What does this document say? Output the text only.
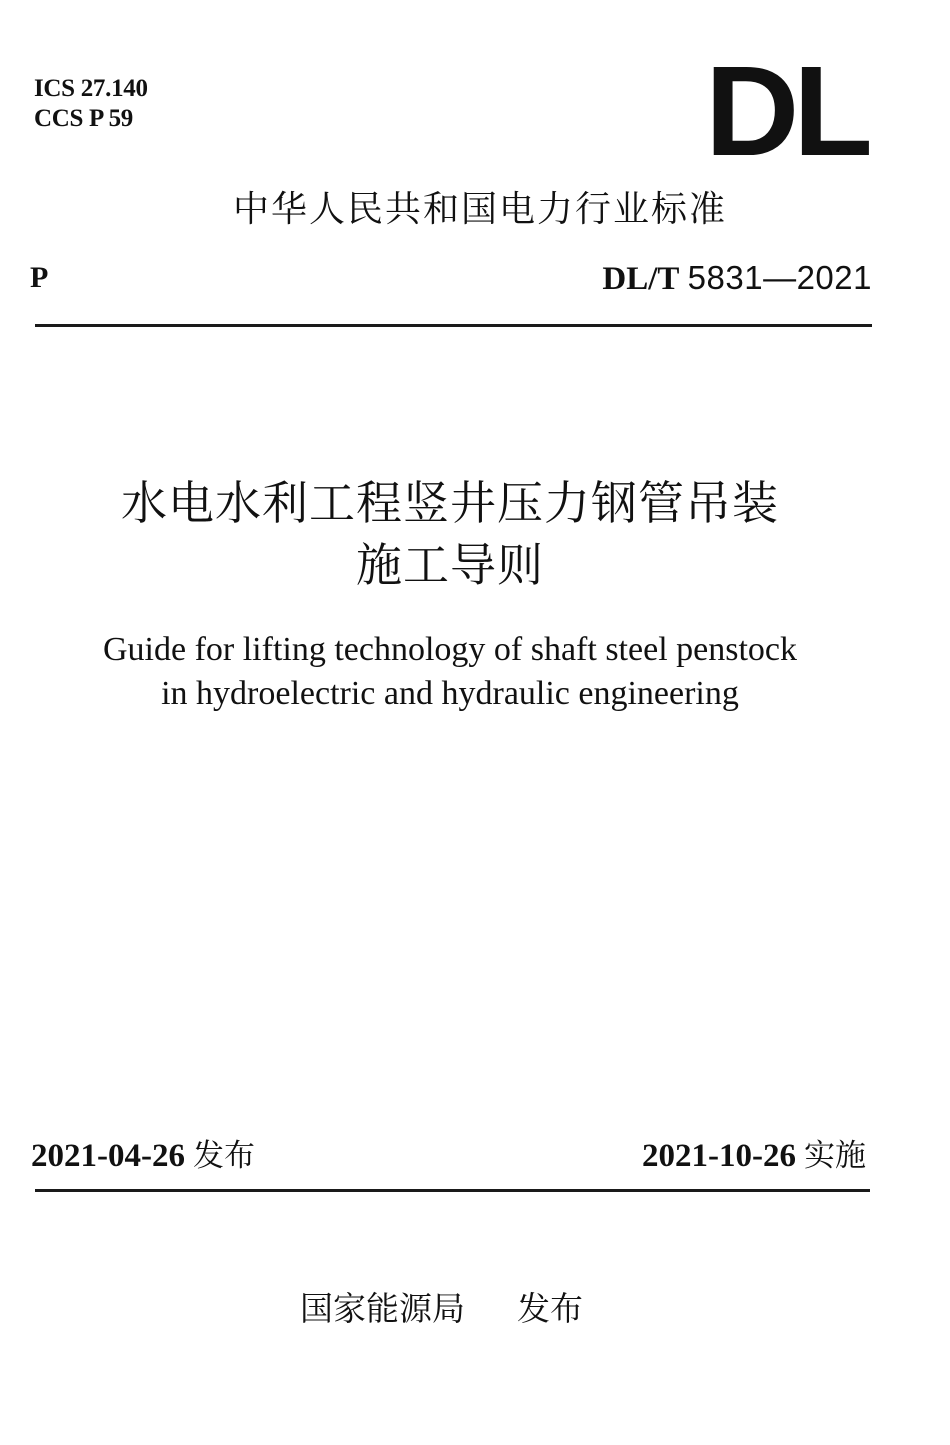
ICS 27.140
CCS P 59	DL
中华人民共和国电力行业标准
P	DL/T 5831—2021
水电水利工程竖井压力钢管吊装
施工导则
Guide for lifting technology of shaft steel penstock
in hydroelectric and hydraulic engineering
2021-04-26 发布	2021-10-26 实施
国家能源局 发布
